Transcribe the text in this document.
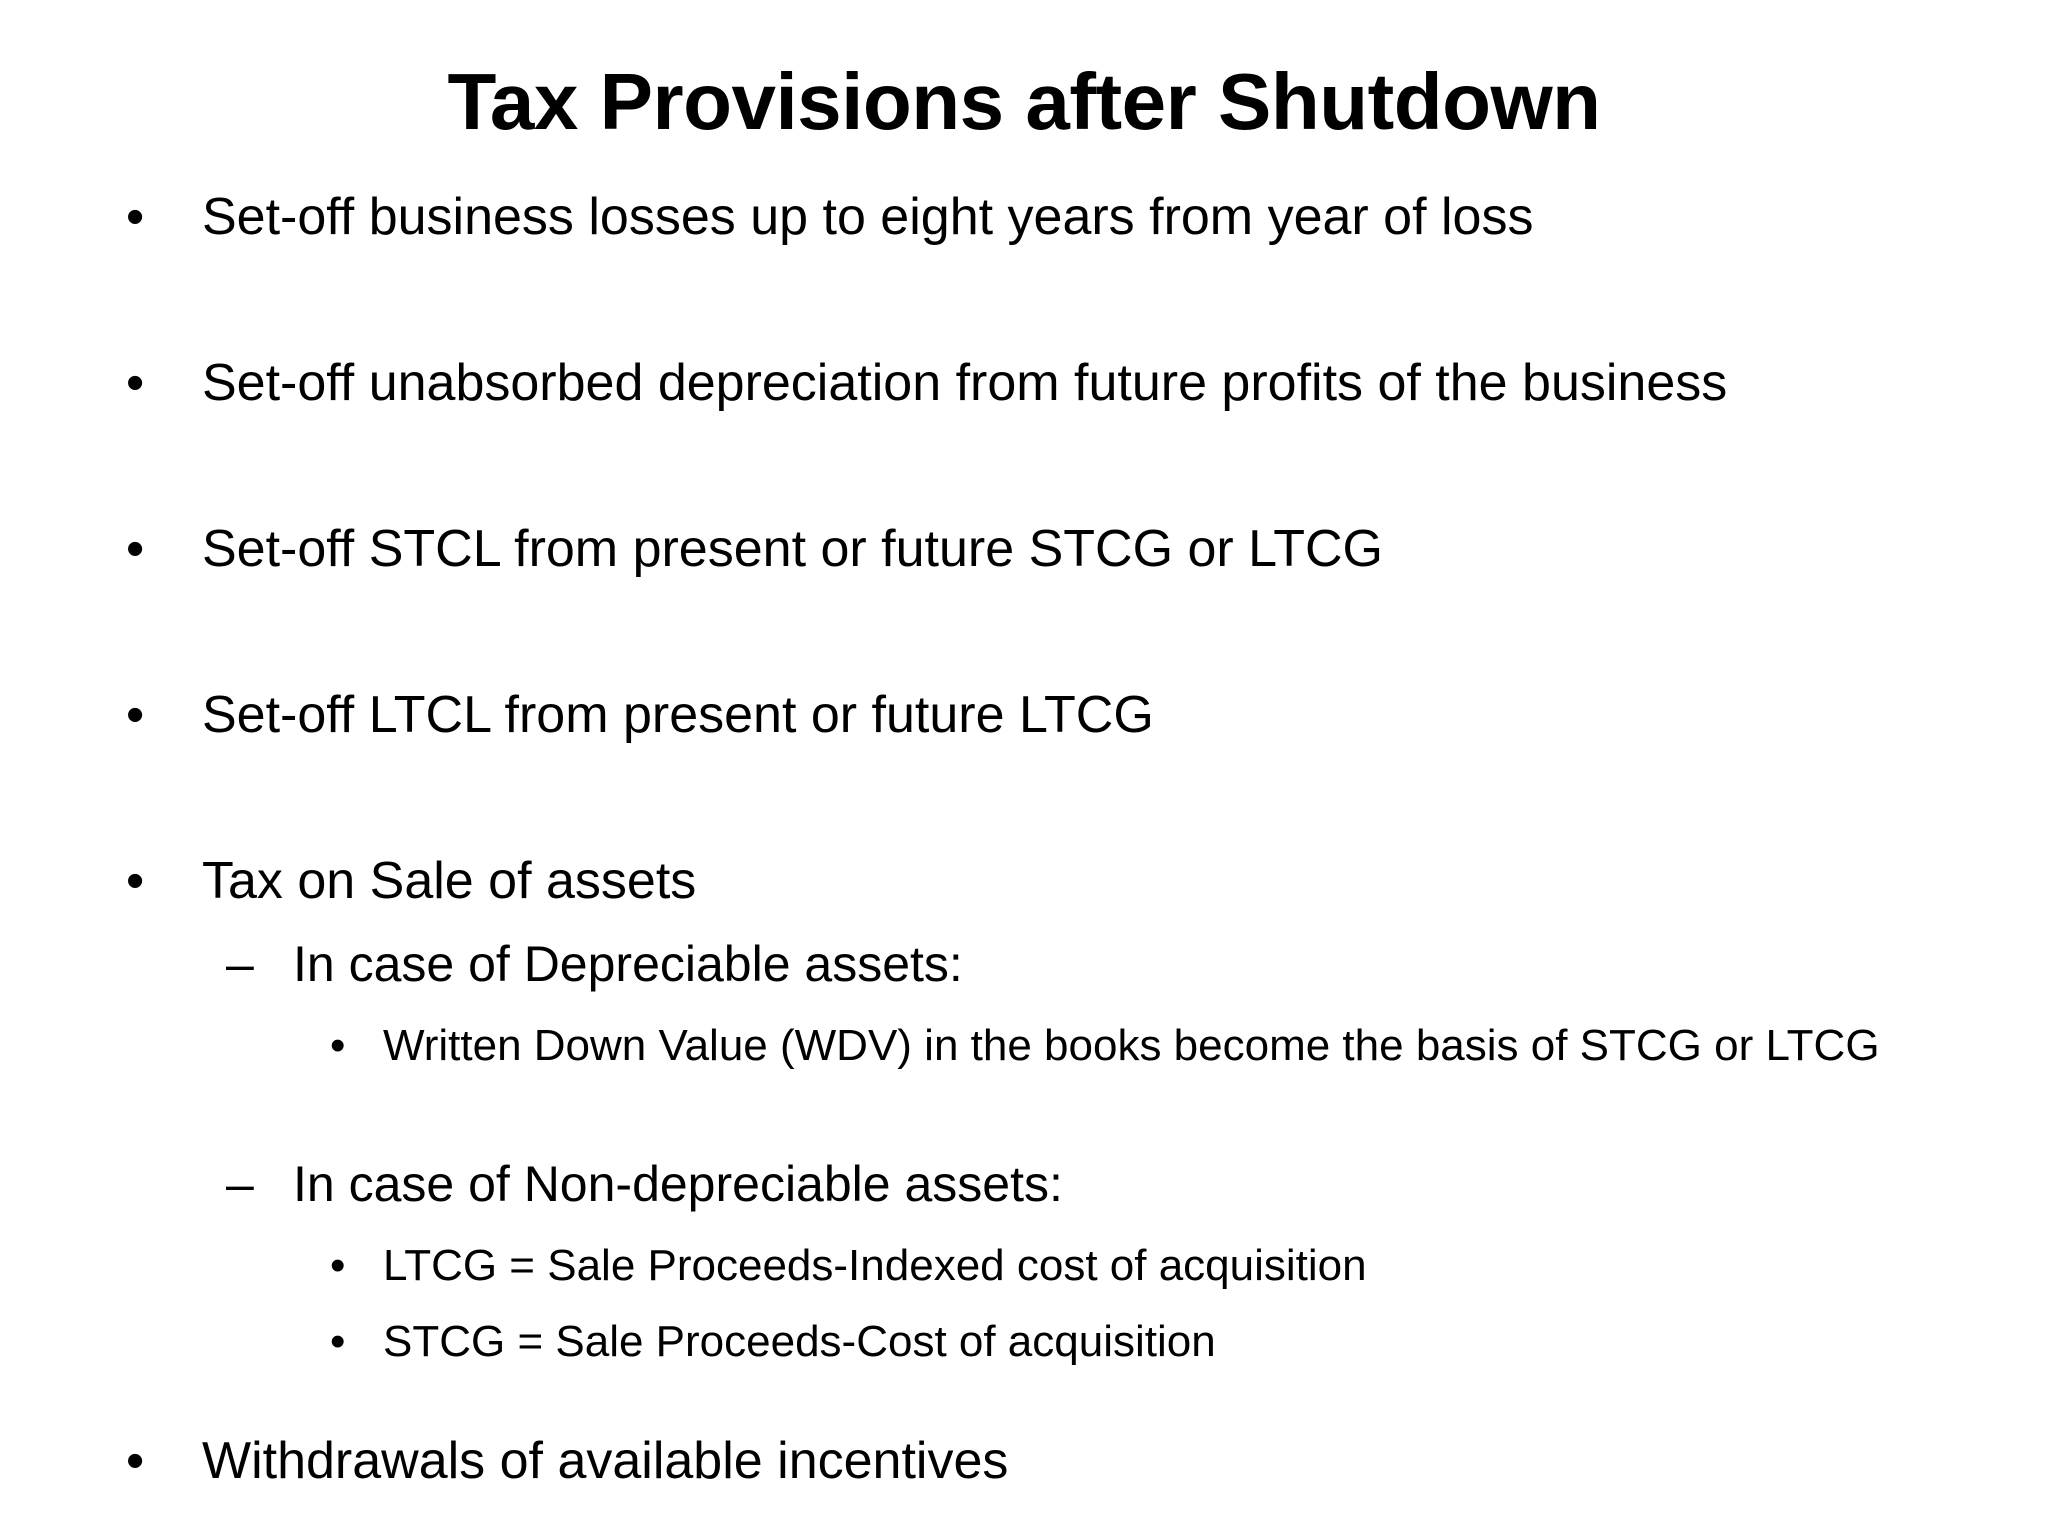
Tax Provisions after Shutdown
• Set-off business losses up to eight years from year of loss
• Set-off unabsorbed depreciation from future profits of the business
• Set-off STCL from present or future STCG or LTCG
• Set-off LTCL from present or future LTCG
• Tax on Sale of assets
– In case of Depreciable assets:
• Written Down Value (WDV) in the books become the basis of STCG or LTCG
– In case of Non-depreciable assets:
• LTCG = Sale Proceeds-Indexed cost of acquisition
• STCG = Sale Proceeds-Cost of acquisition
• Withdrawals of available incentives
